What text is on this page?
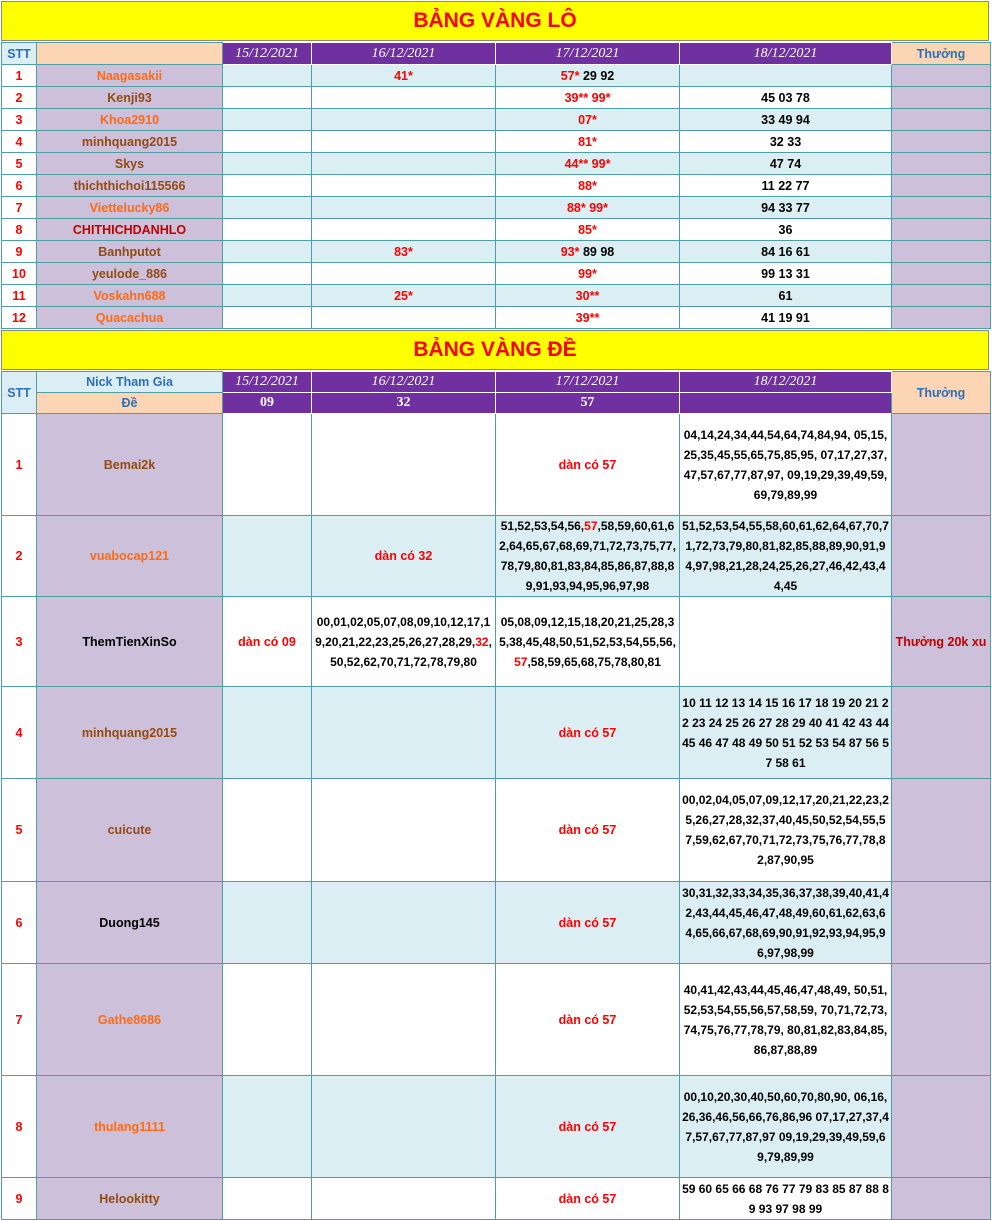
BẢNG VÀNG LÔ
STT		15/12/2021	16/12/2021	17/12/2021	18/12/2021	Thưởng
1	Naagasakii		41*	57* 29 92		
2	Kenji93			39** 99*	45 03 78	
3	Khoa2910			07*	33 49 94	
4	minhquang2015			81*	32 33	
5	Skys			44** 99*	47 74	
6	thichthichoi115566			88*	11 22 77	
7	Viettelucky86			88* 99*	94 33 77	
8	CHITHICHDANHLO			85*	36	
9	Banhputot		83*	93* 89 98	84 16 61	
10	yeulode_886			99*	99 13 31	
11	Voskahn688		25*	30**	61	
12	Quacachua			39**	41 19 91	
BẢNG VÀNG ĐỀ
STT	Nick Tham Gia	15/12/2021	16/12/2021	17/12/2021	18/12/2021	Thưởng
	Đề	09	32	57		
1	Bemai2k			dàn có 57	04,14,24,34,44,54,64,74,84,94, 05,15,25,35,45,55,65,75,85,95, 07,17,27,37,47,57,67,77,87,97, 09,19,29,39,49,59,69,79,89,99	
2	vuabocap121		dàn có 32	51,52,53,54,56,57,58,59,60,61,62,64,65,67,68,69,71,72,73,75,77,78,79,80,81,83,84,85,86,87,88,89,91,93,94,95,96,97,98	51,52,53,54,55,58,60,61,62,64,67,70,71,72,73,79,80,81,82,85,88,89,90,91,94,97,98,21,28,24,25,26,27,46,42,43,44,45	
3	ThemTienXinSo	dàn có 09	00,01,02,05,07,08,09,10,12,17,19,20,21,22,23,25,26,27,28,29,32,50,52,62,70,71,72,78,79,80	05,08,09,12,15,18,20,21,25,28,35,38,45,48,50,51,52,53,54,55,56,57,58,59,65,68,75,78,80,81		Thưởng 20k xu
4	minhquang2015			dàn có 57	10 11 12 13 14 15 16 17 18 19 20 21 22 23 24 25 26 27 28 29 40 41 42 43 44 45 46 47 48 49 50 51 52 53 54 87 56 57 58 61	
5	cuicute			dàn có 57	00,02,04,05,07,09,12,17,20,21,22,23,25,26,27,28,32,37,40,45,50,52,54,55,57,59,62,67,70,71,72,73,75,76,77,78,82,87,90,95	
6	Duong145			dàn có 57	30,31,32,33,34,35,36,37,38,39,40,41,42,43,44,45,46,47,48,49,60,61,62,63,64,65,66,67,68,69,90,91,92,93,94,95,96,97,98,99	
7	Gathe8686			dàn có 57	40,41,42,43,44,45,46,47,48,49, 50,51,52,53,54,55,56,57,58,59, 70,71,72,73,74,75,76,77,78,79, 80,81,82,83,84,85,86,87,88,89	
8	thulang1111			dàn có 57	00,10,20,30,40,50,60,70,80,90, 06,16,26,36,46,56,66,76,86,96 07,17,27,37,47,57,67,77,87,97 09,19,29,39,49,59,69,79,89,99	
9	Helookitty			dàn có 57	59 60 65 66 68 76 77 79 83 85 87 88 89 93 97 98 99	
